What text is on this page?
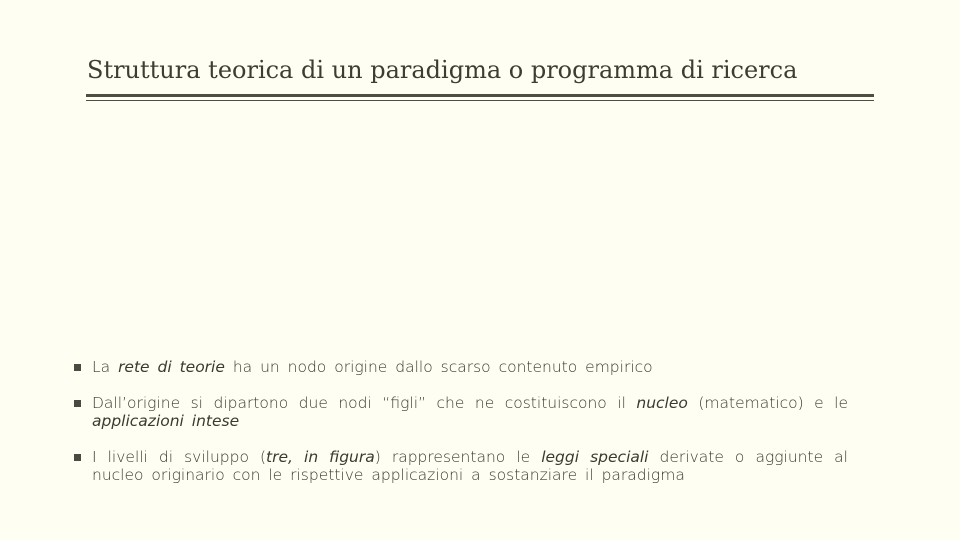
Struttura teorica di un paradigma o programma di ricerca
La rete di teorie ha un nodo origine dallo scarso contenuto empirico
Dall’origine si dipartono due nodi “figli” che ne costituiscono il nucleo (matematico) e le applicazioni intese
I livelli di sviluppo (tre, in figura) rappresentano le leggi speciali derivate o aggiunte al nucleo originario con le rispettive applicazioni a sostanziare il paradigma
